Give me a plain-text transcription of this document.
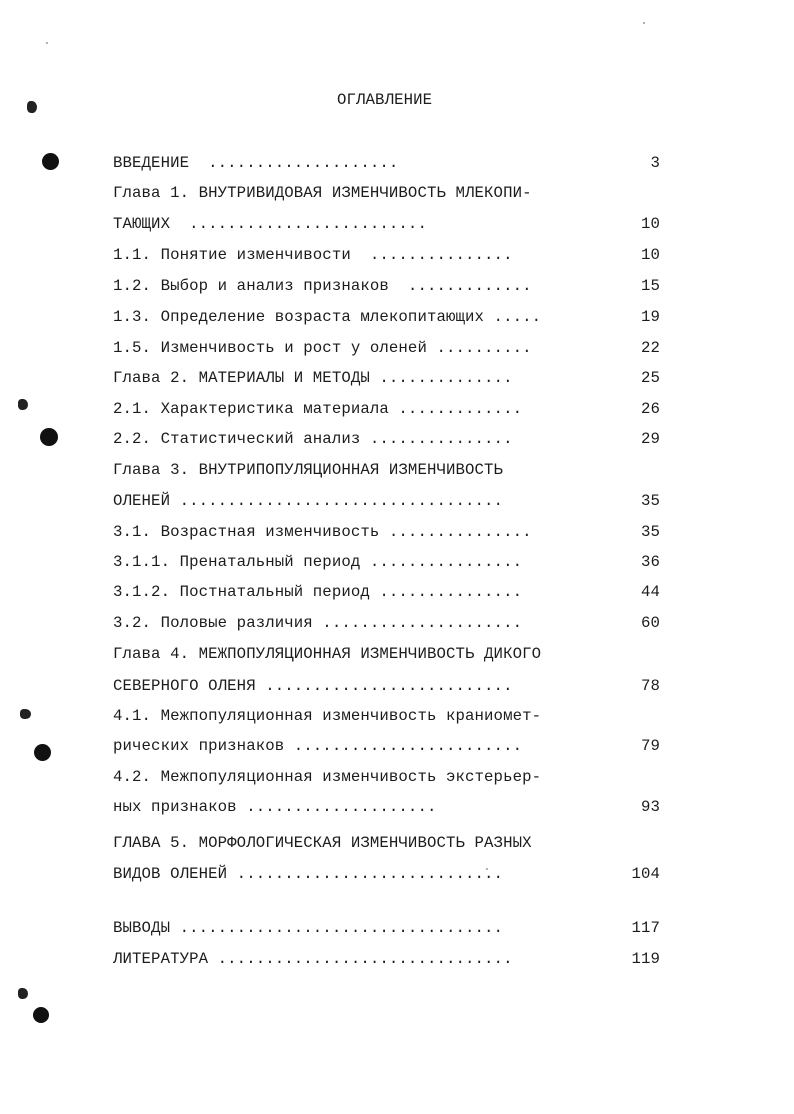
ОГЛАВЛЕНИЕ
ВВЕДЕНИЕ  ....................	3
Глава 1. ВНУТРИВИДОВАЯ ИЗМЕНЧИВОСТЬ МЛЕКОПИ-
ТАЮЩИХ  .........................	10
1.1. Понятие изменчивости  ...............	10
1.2. Выбор и анализ признаков  .............	15
1.3. Определение возраста млекопитающих .....	19
1.5. Изменчивость и рост у оленей ..........	22
Глава 2. МАТЕРИАЛЫ И МЕТОДЫ ..............	25
2.1. Характеристика материала .............	26
2.2. Статистический анализ ...............	29
Глава 3. ВНУТРИПОПУЛЯЦИОННАЯ ИЗМЕНЧИВОСТЬ
ОЛЕНЕЙ ..................................	35
3.1. Возрастная изменчивость ...............	35
3.1.1. Пренатальный период ................	36
3.1.2. Постнатальный период ...............	44
3.2. Половые различия .....................	60
Глава 4. МЕЖПОПУЛЯЦИОННАЯ ИЗМЕНЧИВОСТЬ ДИКОГО
СЕВЕРНОГО ОЛЕНЯ ..........................	78
4.1. Межпопуляционная изменчивость краниомет-
рических признаков ........................	79
4.2. Межпопуляционная изменчивость экстерьер-
ных признаков ....................	93
ГЛАВА 5. МОРФОЛОГИЧЕСКАЯ ИЗМЕНЧИВОСТЬ РАЗНЫХ
ВИДОВ ОЛЕНЕЙ ............................	104
ВЫВОДЫ ..................................	117
ЛИТЕРАТУРА ...............................	119
